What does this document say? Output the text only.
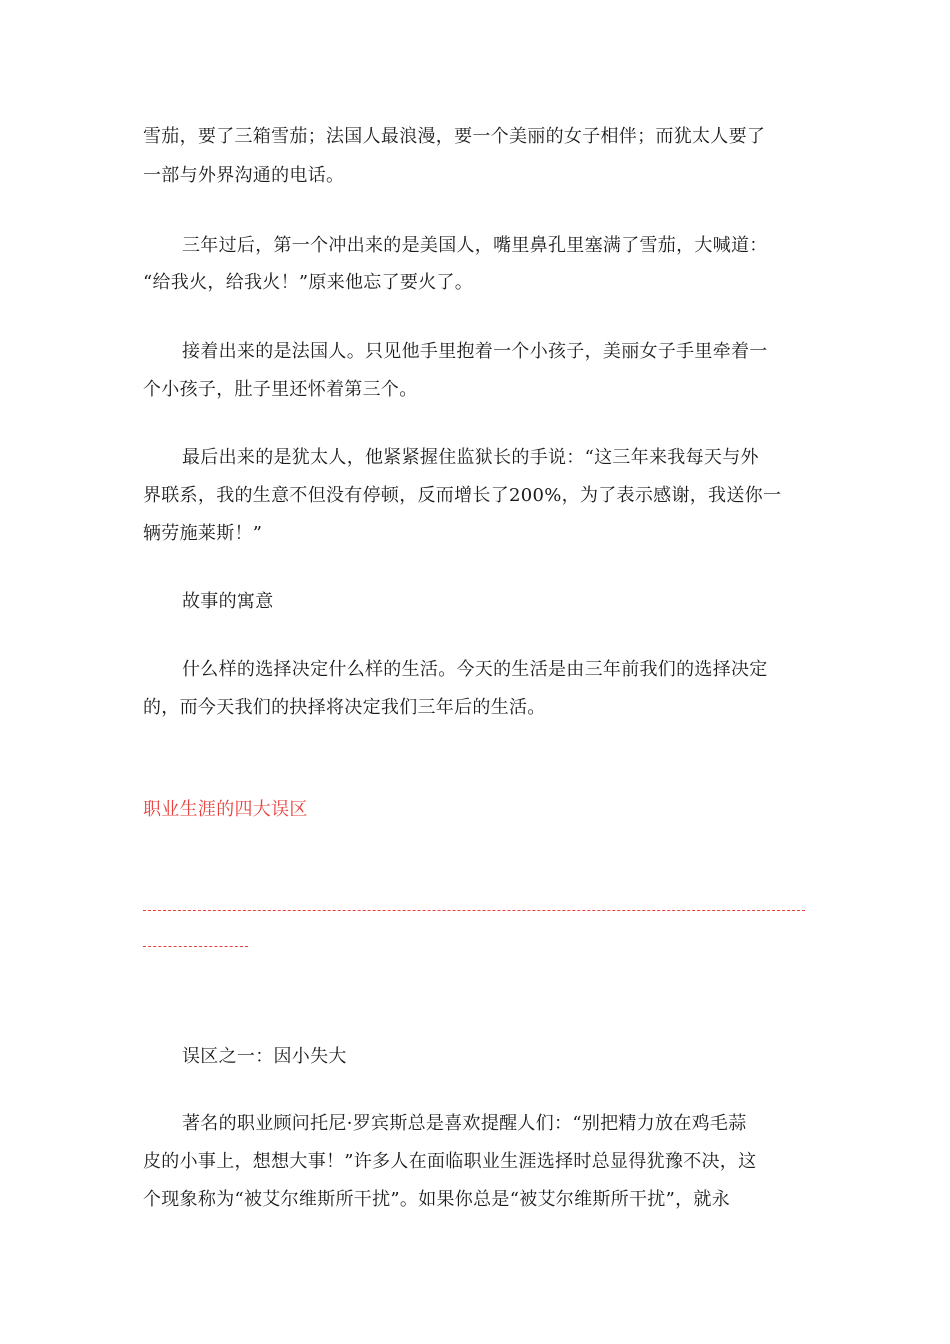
雪茄，要了三箱雪茄；法国人最浪漫，要一个美丽的女子相伴；而犹太人要了
一部与外界沟通的电话。
三年过后，第一个冲出来的是美国人，嘴里鼻孔里塞满了雪茄，大喊道：
“给我火，给我火！”原来他忘了要火了。
接着出来的是法国人。只见他手里抱着一个小孩子，美丽女子手里牵着一
个小孩子，肚子里还怀着第三个。
最后出来的是犹太人，他紧紧握住监狱长的手说：“这三年来我每天与外
界联系，我的生意不但没有停顿，反而增长了200%，为了表示感谢，我送你一
辆劳施莱斯！”
故事的寓意
什么样的选择决定什么样的生活。今天的生活是由三年前我们的选择决定
的，而今天我们的抉择将决定我们三年后的生活。
职业生涯的四大误区
误区之一：因小失大
著名的职业顾问托尼·罗宾斯总是喜欢提醒人们：“别把精力放在鸡毛蒜
皮的小事上，想想大事！”许多人在面临职业生涯选择时总显得犹豫不决，这
个现象称为“被艾尔维斯所干扰”。如果你总是“被艾尔维斯所干扰”，就永
